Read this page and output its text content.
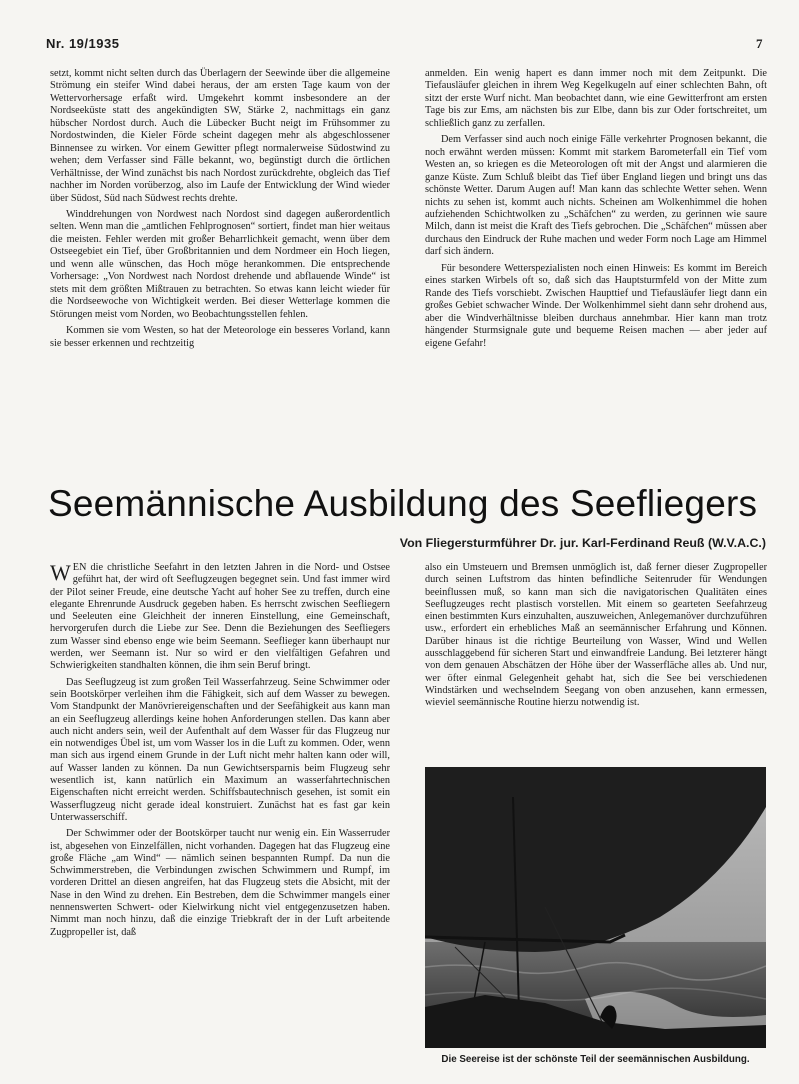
Nr. 19/1935	7

setzt, kommt nicht selten durch das Überlagern der Seewinde über die allgemeine Strömung ein steifer Wind dabei heraus, der am ersten Tage kaum von der Wettervorhersage erfaßt wird. Umgekehrt kommt insbesondere an der Nordseeküste statt des angekündigten SW, Stärke 2, nachmittags ein ganz hübscher Nordost durch. Auch die Lübecker Bucht neigt im Frühsommer zu Nordostwinden, die Kieler Förde scheint dagegen mehr als abgeschlossener Binnensee zu wirken. Vor einem Gewitter pflegt normalerweise Südostwind zu wehen; dem Verfasser sind Fälle bekannt, wo, begünstigt durch die örtlichen Verhältnisse, der Wind zunächst bis nach Nordost zurückdrehte, obgleich das Tief nachher im Norden vorüberzog, also im Laufe der Entwicklung der Wind wieder über Südost, Süd nach Südwest rechts drehte.

Winddrehungen von Nordwest nach Nordost sind dagegen außerordentlich selten. Wenn man die „amtlichen Fehlprognosen“ sortiert, findet man hier weitaus die meisten. Fehler werden mit großer Beharrlichkeit gemacht, wenn über dem Ostseegebiet ein Tief, über Großbritannien und dem Nordmeer ein Hoch liegen, und wenn alle wünschen, das Hoch möge herankommen. Die entsprechende Vorhersage: „Von Nordwest nach Nordost drehende und abflauende Winde“ ist stets mit dem größten Mißtrauen zu betrachten. So etwas kann leicht wieder für die Nordseewoche von Wichtigkeit werden. Bei dieser Wetterlage kommen die Störungen meist vom Norden, wo Beobachtungsstellen fehlen.

Kommen sie vom Westen, so hat der Meteorologe ein besseres Vorland, kann sie besser erkennen und rechtzeitig

anmelden. Ein wenig hapert es dann immer noch mit dem Zeitpunkt. Die Tiefausläufer gleichen in ihrem Weg Kegelkugeln auf einer schlechten Bahn, oft sitzt der erste Wurf nicht. Man beobachtet dann, wie eine Gewitterfront am ersten Tage bis zur Ems, am nächsten bis zur Elbe, dann bis zur Oder fortschreitet, um schließlich ganz zu zerfallen.

Dem Verfasser sind auch noch einige Fälle verkehrter Prognosen bekannt, die noch erwähnt werden müssen: Kommt mit starkem Barometerfall ein Tief vom Westen an, so kriegen es die Meteorologen oft mit der Angst und alarmieren die ganze Küste. Zum Schluß bleibt das Tief über England liegen und bringt uns das schönste Wetter. Darum Augen auf! Man kann das schlechte Wetter sehen. Wenn nichts zu sehen ist, kommt auch nichts. Scheinen am Wolkenhimmel die hohen aufziehenden Schichtwolken zu „Schäfchen“ zu werden, zu gerinnen wie saure Milch, dann ist meist die Kraft des Tiefs gebrochen. Die „Schäfchen“ müssen aber durchaus den Eindruck der Ruhe machen und weder Form noch Lage am Himmel darf sich ändern.

Für besondere Wetterspezialisten noch einen Hinweis: Es kommt im Bereich eines starken Wirbels oft so, daß sich das Hauptsturmfeld von der Mitte zum Rande des Tiefs vorschiebt. Zwischen Haupttief und Tiefausläufer liegt dann ein großes Gebiet schwacher Winde. Der Wolkenhimmel sieht dann sehr drohend aus, aber die Windverhältnisse bleiben durchaus annehmbar. Hier kann man trotz hängender Sturmsignale gute und bequeme Reisen machen — aber jeder auf eigene Gefahr!

Seemännische Ausbildung des Seefliegers
Von Fliegersturmführer Dr. jur. Karl-Ferdinand Reuß (W.V.A.C.)

WEN die christliche Seefahrt in den letzten Jahren in die Nord- und Ostsee geführt hat, der wird oft Seeflugzeugen begegnet sein. Und fast immer wird der Pilot seiner Freude, eine deutsche Yacht auf hoher See zu treffen, durch eine elegante Ehrenrunde Ausdruck gegeben haben. Es herrscht zwischen Seefliegern und Seeleuten eine Gleichheit der inneren Einstellung, eine Gemeinschaft, hervorgerufen durch die Liebe zur See. Denn die Beziehungen des Seefliegers zum Wasser sind ebenso enge wie beim Seemann. Seeflieger kann überhaupt nur werden, wer Seemann ist. Nur so wird er den vielfältigen Gefahren und Schwierigkeiten standhalten können, die ihm sein Beruf bringt.

Das Seeflugzeug ist zum großen Teil Wasserfahrzeug. Seine Schwimmer oder sein Bootskörper verleihen ihm die Fähigkeit, sich auf dem Wasser zu bewegen. Vom Standpunkt der Manövriereigenschaften und der Seefähigkeit aus kann man an ein Seeflugzeug allerdings keine hohen Anforderungen stellen. Das kann aber auch nicht anders sein, weil der Aufenthalt auf dem Wasser für das Flugzeug nur ein notwendiges Übel ist, um vom Wasser los in die Luft zu kommen. Oder, wenn man sich aus irgend einem Grunde in der Luft nicht mehr halten kann oder will, auf Wasser landen zu können. Da nun Gewichtsersparnis beim Flugzeug sehr wesentlich ist, kann natürlich ein Maximum an wasserfahrtechnischen Eigenschaften nicht erreicht werden. Schiffsbautechnisch gesehen, ist somit ein Wasserflugzeug nicht gerade ideal konstruiert. Zunächst hat es fast gar kein Unterwasserschiff.

Der Schwimmer oder der Bootskörper taucht nur wenig ein. Ein Wasserruder ist, abgesehen von Einzelfällen, nicht vorhanden. Dagegen hat das Flugzeug eine große Fläche „am Wind“ — nämlich seinen bespannten Rumpf. Da nun die Schwimmerstreben, die Verbindungen zwischen Schwimmern und Rumpf, im vorderen Drittel an diesen angreifen, hat das Flugzeug stets die Absicht, mit der Nase in den Wind zu drehen. Ein Bestreben, dem die Schwimmer mangels einer nennenswerten Schwert- oder Kielwirkung nicht viel entgegenzusetzen haben. Nimmt man noch hinzu, daß die einzige Triebkraft der in der Luft arbeitende Zugpropeller ist, daß

also ein Umsteuern und Bremsen unmöglich ist, daß ferner dieser Zugpropeller durch seinen Luftstrom das hinten befindliche Seitenruder für Wendungen beeinflussen muß, so kann man sich die navigatorischen Qualitäten eines Seeflugzeuges recht plastisch vorstellen. Mit einem so gearteten Seefahrzeug einen bestimmten Kurs einzuhalten, auszuweichen, Anlegemanöver durchzuführen usw., erfordert ein erhebliches Maß an seemännischer Erfahrung und Können. Darüber hinaus ist die richtige Beurteilung von Wasser, Wind und Wellen ausschlaggebend für sicheren Start und einwandfreie Landung. Bei letzterer hängt von dem genauen Abschätzen der Höhe über der Wasserfläche alles ab. Und nur, wer öfter einmal Gelegenheit gehabt hat, sich die See bei verschiedenen Windstärken und wechselndem Seegang von oben anzusehen, kann ermessen, wieviel seemännische Routine hierzu notwendig ist.

Die Seereise ist der schönste Teil der seemännischen Ausbildung.
